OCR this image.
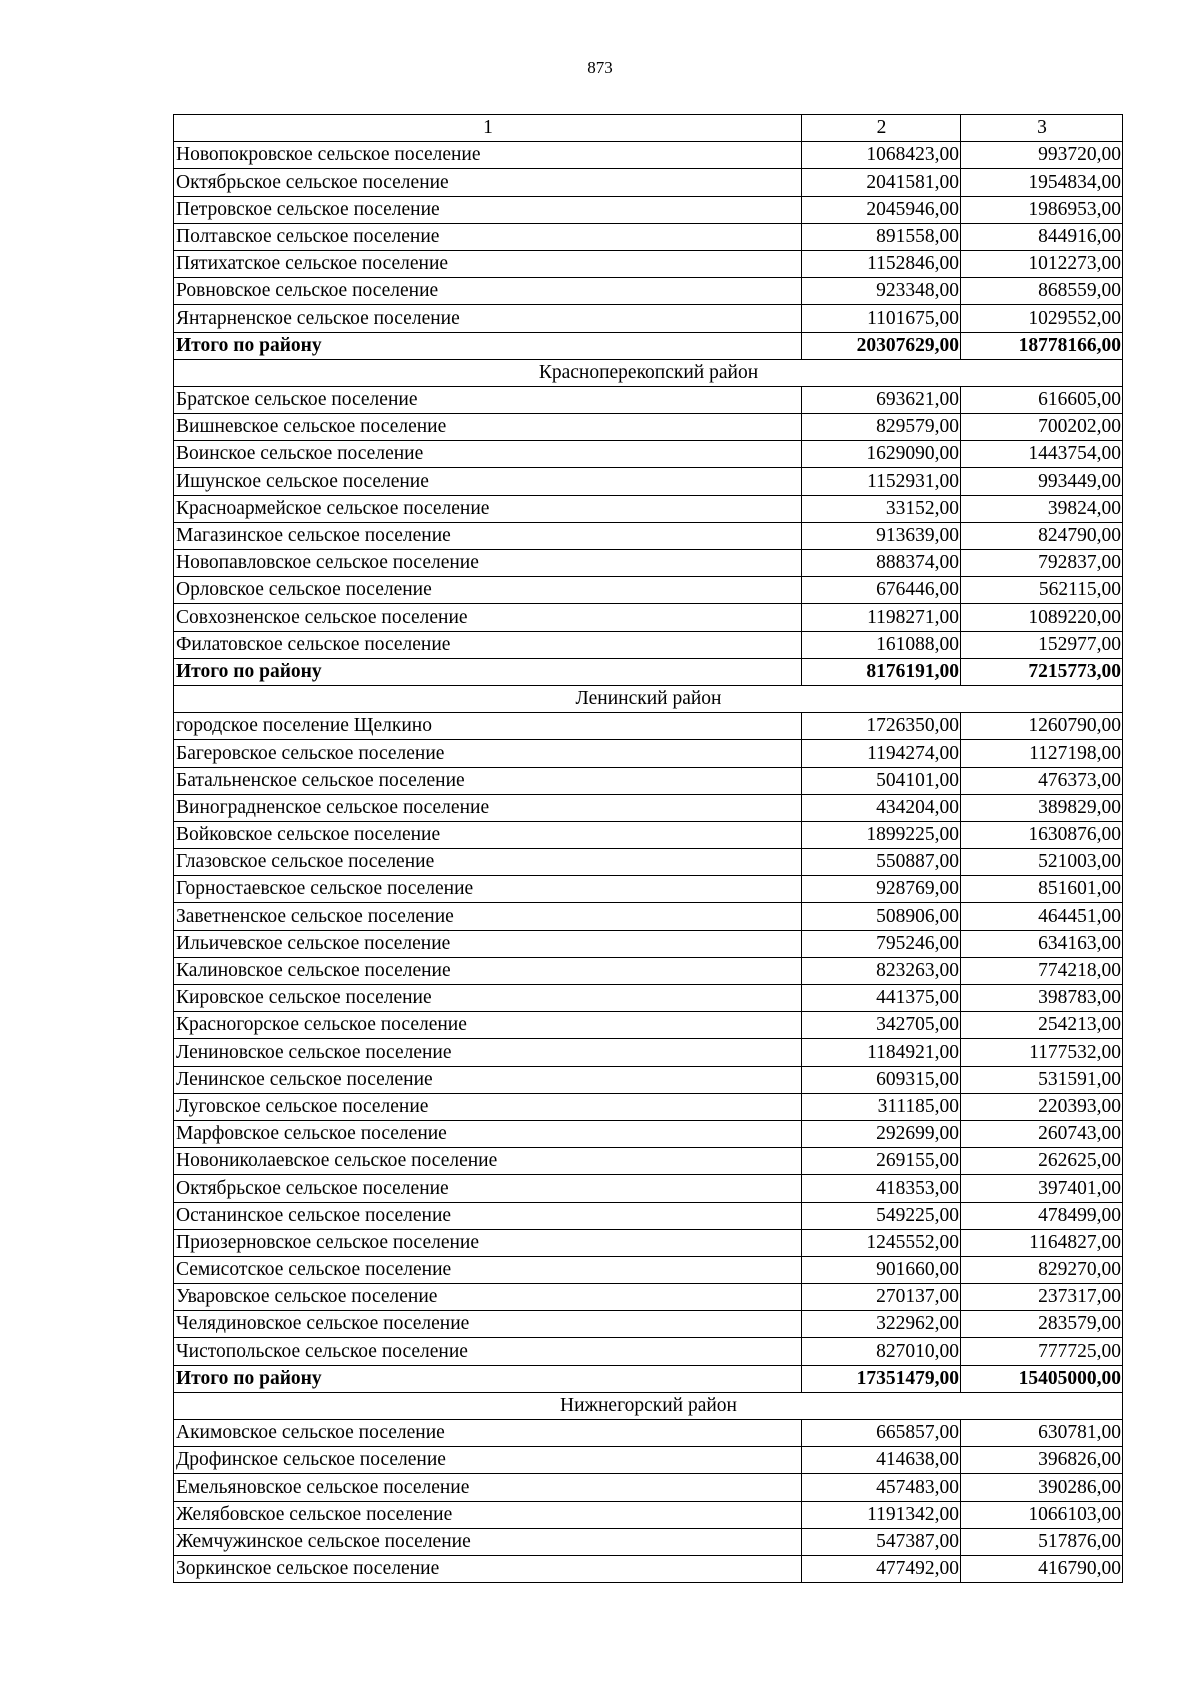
873
1	2	3
Новопокровское сельское поселение	1068423,00	993720,00
Октябрьское сельское поселение	2041581,00	1954834,00
Петровское сельское поселение	2045946,00	1986953,00
Полтавское сельское поселение	891558,00	844916,00
Пятихатское сельское поселение	1152846,00	1012273,00
Ровновское сельское поселение	923348,00	868559,00
Янтарненское сельское поселение	1101675,00	1029552,00
Итого по району	20307629,00	18778166,00
Красноперекопский район		
Братское сельское поселение	693621,00	616605,00
Вишневское сельское поселение	829579,00	700202,00
Воинское сельское поселение	1629090,00	1443754,00
Ишунское сельское поселение	1152931,00	993449,00
Красноармейское сельское поселение	33152,00	39824,00
Магазинское сельское поселение	913639,00	824790,00
Новопавловское сельское поселение	888374,00	792837,00
Орловское сельское поселение	676446,00	562115,00
Совхозненское сельское поселение	1198271,00	1089220,00
Филатовское сельское поселение	161088,00	152977,00
Итого по району	8176191,00	7215773,00
Ленинский район		
городское поселение Щелкино	1726350,00	1260790,00
Багеровское сельское поселение	1194274,00	1127198,00
Батальненское сельское поселение	504101,00	476373,00
Виноградненское сельское поселение	434204,00	389829,00
Войковское сельское поселение	1899225,00	1630876,00
Глазовское сельское поселение	550887,00	521003,00
Горностаевское сельское поселение	928769,00	851601,00
Заветненское сельское поселение	508906,00	464451,00
Ильичевское сельское поселение	795246,00	634163,00
Калиновское сельское поселение	823263,00	774218,00
Кировское сельское поселение	441375,00	398783,00
Красногорское сельское поселение	342705,00	254213,00
Лениновское сельское поселение	1184921,00	1177532,00
Ленинское сельское поселение	609315,00	531591,00
Луговское сельское поселение	311185,00	220393,00
Марфовское сельское поселение	292699,00	260743,00
Новониколаевское сельское поселение	269155,00	262625,00
Октябрьское сельское поселение	418353,00	397401,00
Останинское сельское поселение	549225,00	478499,00
Приозерновское сельское поселение	1245552,00	1164827,00
Семисотское сельское поселение	901660,00	829270,00
Уваровское сельское поселение	270137,00	237317,00
Челядиновское сельское поселение	322962,00	283579,00
Чистопольское сельское поселение	827010,00	777725,00
Итого по району	17351479,00	15405000,00
Нижнегорский район		
Акимовское сельское поселение	665857,00	630781,00
Дрофинское сельское поселение	414638,00	396826,00
Емельяновское сельское поселение	457483,00	390286,00
Желябовское сельское поселение	1191342,00	1066103,00
Жемчужинское сельское поселение	547387,00	517876,00
Зоркинское сельское поселение	477492,00	416790,00
